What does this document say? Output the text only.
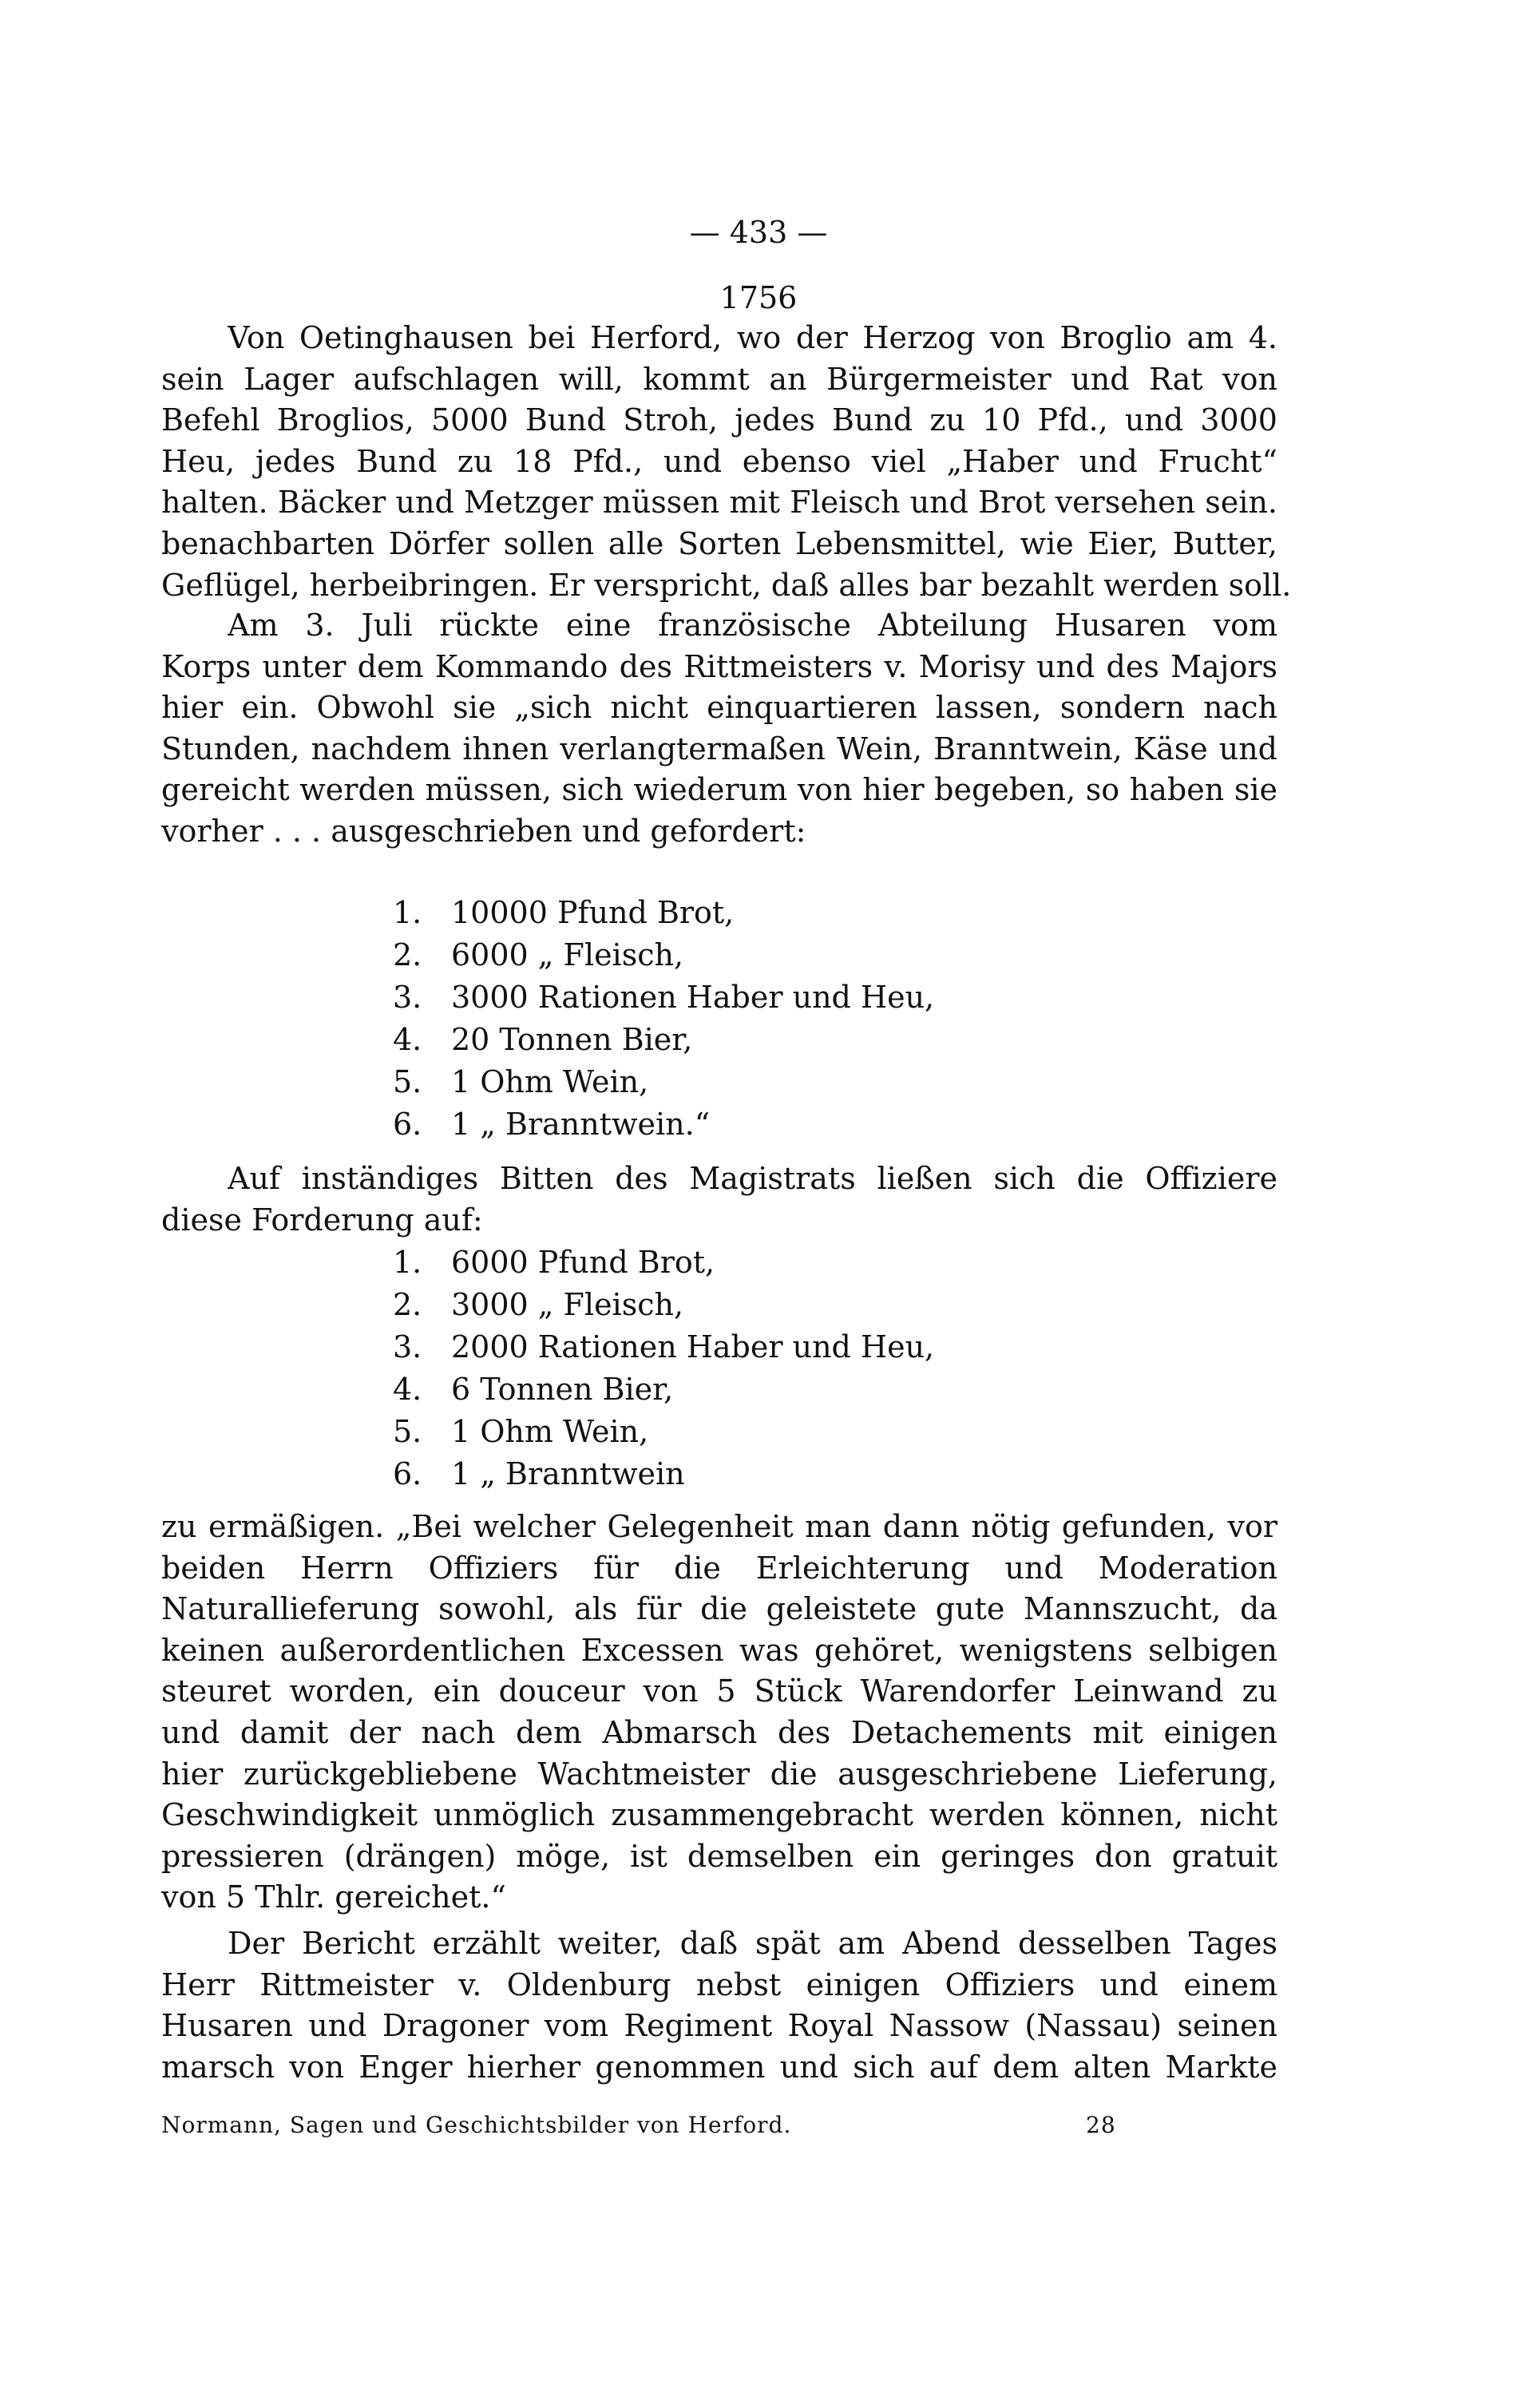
— 433 —
1756
Von Oetinghausen bei Herford, wo der Herzog von Broglio am 4.
sein Lager aufschlagen will, kommt an Bürgermeister und Rat von
Befehl Broglios, 5000 Bund Stroh, jedes Bund zu 10 Pfd., und 3000
Heu, jedes Bund zu 18 Pfd., und ebenso viel „Haber und Frucht“
halten. Bäcker und Metzger müssen mit Fleisch und Brot versehen sein.
benachbarten Dörfer sollen alle Sorten Lebensmittel, wie Eier, Butter,
Geflügel, herbeibringen. Er verspricht, daß alles bar bezahlt werden soll.
Am 3. Juli rückte eine französische Abteilung Husaren vom
Korps unter dem Kommando des Rittmeisters v. Morisy und des Majors
hier ein. Obwohl sie „sich nicht einquartieren lassen, sondern nach
Stunden, nachdem ihnen verlangtermaßen Wein, Branntwein, Käse und
gereicht werden müssen, sich wiederum von hier begeben, so haben sie
vorher . . . ausgeschrieben und gefordert:
1. 10000 Pfund Brot,
2. 6000 „ Fleisch,
3. 3000 Rationen Haber und Heu,
4. 20 Tonnen Bier,
5. 1 Ohm Wein,
6. 1 „ Branntwein.“
Auf inständiges Bitten des Magistrats ließen sich die Offiziere
diese Forderung auf:
1. 6000 Pfund Brot,
2. 3000 „ Fleisch,
3. 2000 Rationen Haber und Heu,
4. 6 Tonnen Bier,
5. 1 Ohm Wein,
6. 1 „ Branntwein
zu ermäßigen. „Bei welcher Gelegenheit man dann nötig gefunden, vor
beiden Herrn Offiziers für die Erleichterung und Moderation
Naturallieferung sowohl, als für die geleistete gute Mannszucht, da
keinen außerordentlichen Excessen was gehöret, wenigstens selbigen
steuret worden, ein douceur von 5 Stück Warendorfer Leinwand zu
und damit der nach dem Abmarsch des Detachements mit einigen
hier zurückgebliebene Wachtmeister die ausgeschriebene Lieferung,
Geschwindigkeit unmöglich zusammengebracht werden können, nicht
pressieren (drängen) möge, ist demselben ein geringes don gratuit
von 5 Thlr. gereichet.“
Der Bericht erzählt weiter, daß spät am Abend desselben Tages
Herr Rittmeister v. Oldenburg nebst einigen Offiziers und einem
Husaren und Dragoner vom Regiment Royal Nassow (Nassau) seinen
marsch von Enger hierher genommen und sich auf dem alten Markte
Normann, Sagen und Geschichtsbilder von Herford.	28
